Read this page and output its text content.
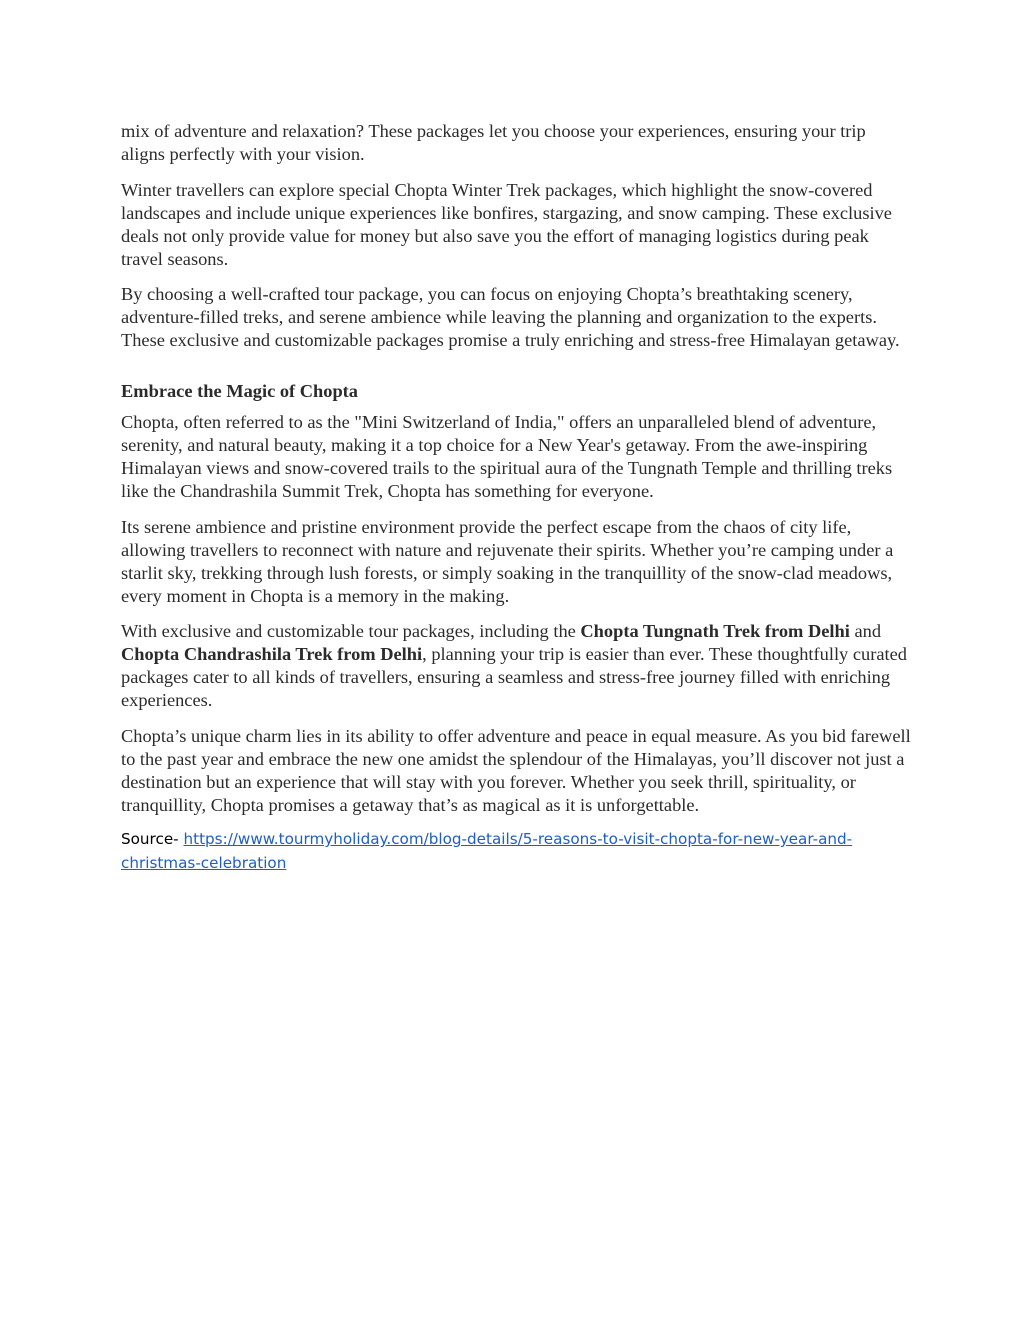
mix of adventure and relaxation? These packages let you choose your experiences, ensuring your trip aligns perfectly with your vision.

Winter travellers can explore special Chopta Winter Trek packages, which highlight the snow-covered landscapes and include unique experiences like bonfires, stargazing, and snow camping. These exclusive deals not only provide value for money but also save you the effort of managing logistics during peak travel seasons.

By choosing a well-crafted tour package, you can focus on enjoying Chopta’s breathtaking scenery, adventure-filled treks, and serene ambience while leaving the planning and organization to the experts. These exclusive and customizable packages promise a truly enriching and stress-free Himalayan getaway.

Embrace the Magic of Chopta

Chopta, often referred to as the "Mini Switzerland of India," offers an unparalleled blend of adventure, serenity, and natural beauty, making it a top choice for a New Year's getaway. From the awe-inspiring Himalayan views and snow-covered trails to the spiritual aura of the Tungnath Temple and thrilling treks like the Chandrashila Summit Trek, Chopta has something for everyone.

Its serene ambience and pristine environment provide the perfect escape from the chaos of city life, allowing travellers to reconnect with nature and rejuvenate their spirits. Whether you’re camping under a starlit sky, trekking through lush forests, or simply soaking in the tranquillity of the snow-clad meadows, every moment in Chopta is a memory in the making.

With exclusive and customizable tour packages, including the Chopta Tungnath Trek from Delhi and Chopta Chandrashila Trek from Delhi, planning your trip is easier than ever. These thoughtfully curated packages cater to all kinds of travellers, ensuring a seamless and stress-free journey filled with enriching experiences.

Chopta’s unique charm lies in its ability to offer adventure and peace in equal measure. As you bid farewell to the past year and embrace the new one amidst the splendour of the Himalayas, you’ll discover not just a destination but an experience that will stay with you forever. Whether you seek thrill, spirituality, or tranquillity, Chopta promises a getaway that’s as magical as it is unforgettable.

Source- https://www.tourmyholiday.com/blog-details/5-reasons-to-visit-chopta-for-new-year-and-christmas-celebration
